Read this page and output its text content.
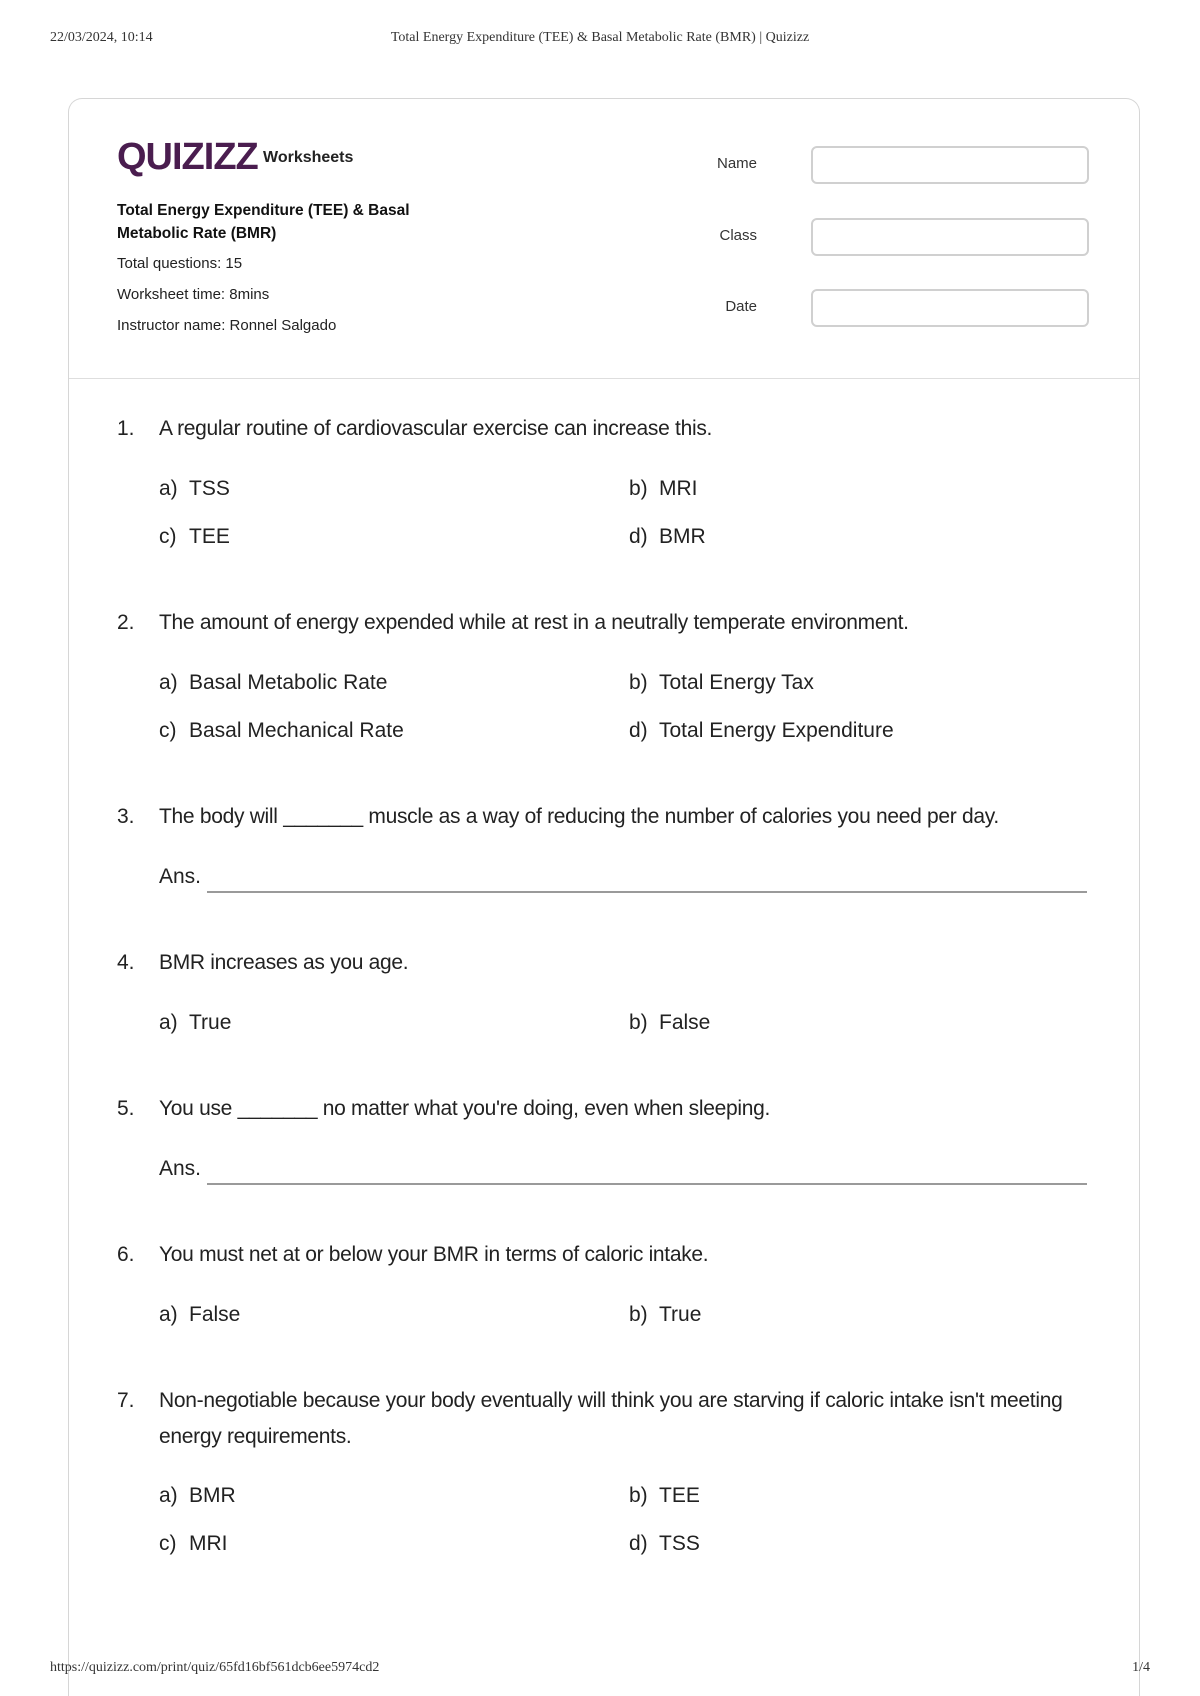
22/03/2024, 10:14	Total Energy Expenditure (TEE) & Basal Metabolic Rate (BMR) | Quizizz
QUIZIZZ Worksheets
Total Energy Expenditure (TEE) & Basal Metabolic Rate (BMR)
Total questions: 15
Worksheet time: 8mins
Instructor name: Ronnel Salgado
Name
Class
Date
1. A regular routine of cardiovascular exercise can increase this.
a) TSS	b) MRI
c) TEE	d) BMR
2. The amount of energy expended while at rest in a neutrally temperate environment.
a) Basal Metabolic Rate	b) Total Energy Tax
c) Basal Mechanical Rate	d) Total Energy Expenditure
3. The body will _______ muscle as a way of reducing the number of calories you need per day.
Ans.
4. BMR increases as you age.
a) True	b) False
5. You use _______ no matter what you're doing, even when sleeping.
Ans.
6. You must net at or below your BMR in terms of caloric intake.
a) False	b) True
7. Non-negotiable because your body eventually will think you are starving if caloric intake isn't meeting energy requirements.
a) BMR	b) TEE
c) MRI	d) TSS
https://quizizz.com/print/quiz/65fd16bf561dcb6ee5974cd2	1/4
